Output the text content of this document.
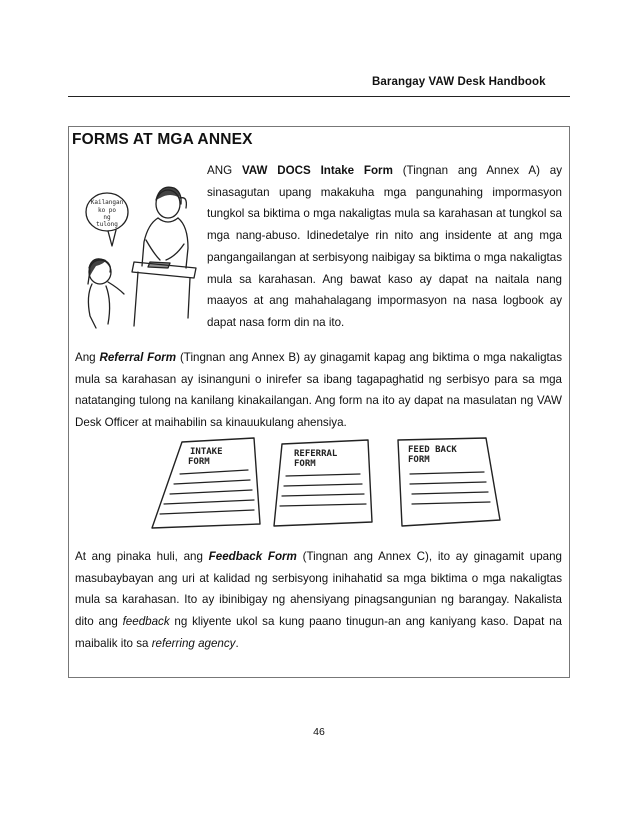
Barangay VAW Desk Handbook
FORMS AT MGA ANNEX
Kailangan
ko po
ng
tulong

ANG VAW DOCS Intake Form (Tingnan ang Annex A) ay sinasagutan upang makakuha mga pangunahing impormasyon tungkol sa biktima o mga nakaligtas mula sa karahasan at tungkol sa mga nang-abuso. Idinedetalye rin nito ang insidente at ang mga pangangailangan at serbisyong naibigay sa biktima o mga nakaligtas mula sa karahasan. Ang bawat kaso ay dapat na naitala nang maayos at ang mahahalagang impormasyon na nasa logbook ay dapat nasa form din na ito.

Ang Referral Form (Tingnan ang Annex B) ay ginagamit kapag ang biktima o mga nakaligtas mula sa karahasan ay isinanguni o inirefer sa ibang tagapaghatid ng serbisyo para sa mga natatanging tulong na kanilang kinakailangan. Ang form na ito ay dapat na masulatan ng VAW Desk Officer at maihabilin sa kinauukulang ahensiya.

INTAKE
FORM
REFERRAL
FORM
FEED BACK
FORM

At ang pinaka huli, ang Feedback Form (Tingnan ang Annex C), ito ay ginagamit upang masubaybayan ang uri at kalidad ng serbisyong inihahatid sa mga biktima o mga nakaligtas mula sa karahasan. Ito ay ibinibigay ng ahensiyang pinagsangunian ng barangay. Nakalista dito ang feedback ng kliyente ukol sa kung paano tinugun-an ang kaniyang kaso. Dapat na maibalik ito sa referring agency.

46
